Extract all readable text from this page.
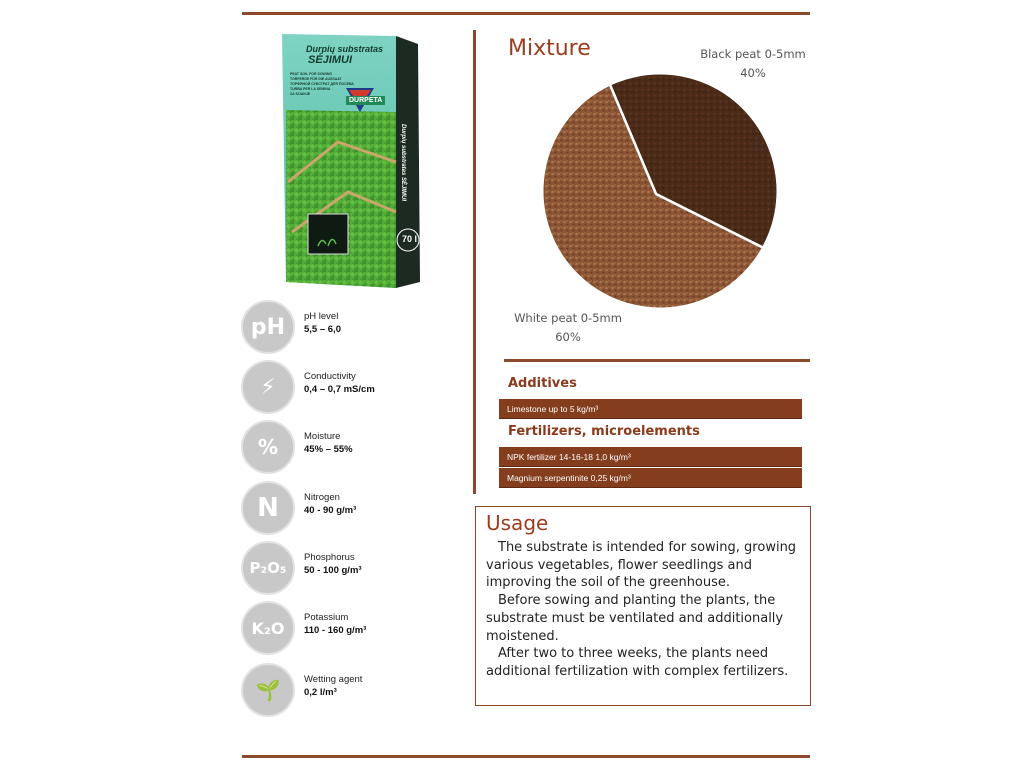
Durpių substratas
SĖJIMUI
PEAT SOIL FOR SOWING
TORFERDE FÜR DIE AUSSAAT
ТОРФЯНОЙ СУБСТРАТ ДЛЯ ПОСЕВА
TURBA PER LA SEMINA
ZA SIJANJE
DURPETA
Durpių substratas SĖJIMUI
70 l
pH	pH level
5,5 – 6,0
⚡	Conductivity
0,4 – 0,7 mS/cm
%	Moisture
45% – 55%
N	Nitrogen
40 - 90 g/m³
P₂O₅
Phosphorus
50 - 100 g/m³
K₂O
Potassium
110 - 160 g/m³
🌱	Wetting agent
0,2 l/m³
Mixture	Black peat 0-5mm
40%
White peat 0-5mm
60%
Additives
Limestone up to 5 kg/m³
Fertilizers, microelements
NPK fertilizer 14-16-18 1,0 kg/m³
Magnium serpentinite 0,25 kg/m³
Usage

The substrate is intended for sowing, growing various vegetables, flower seedlings and improving the soil of the greenhouse.

Before sowing and planting the plants, the substrate must be ventilated and additionally moistened.

After two to three weeks, the plants need additional fertilization with complex fertilizers.
